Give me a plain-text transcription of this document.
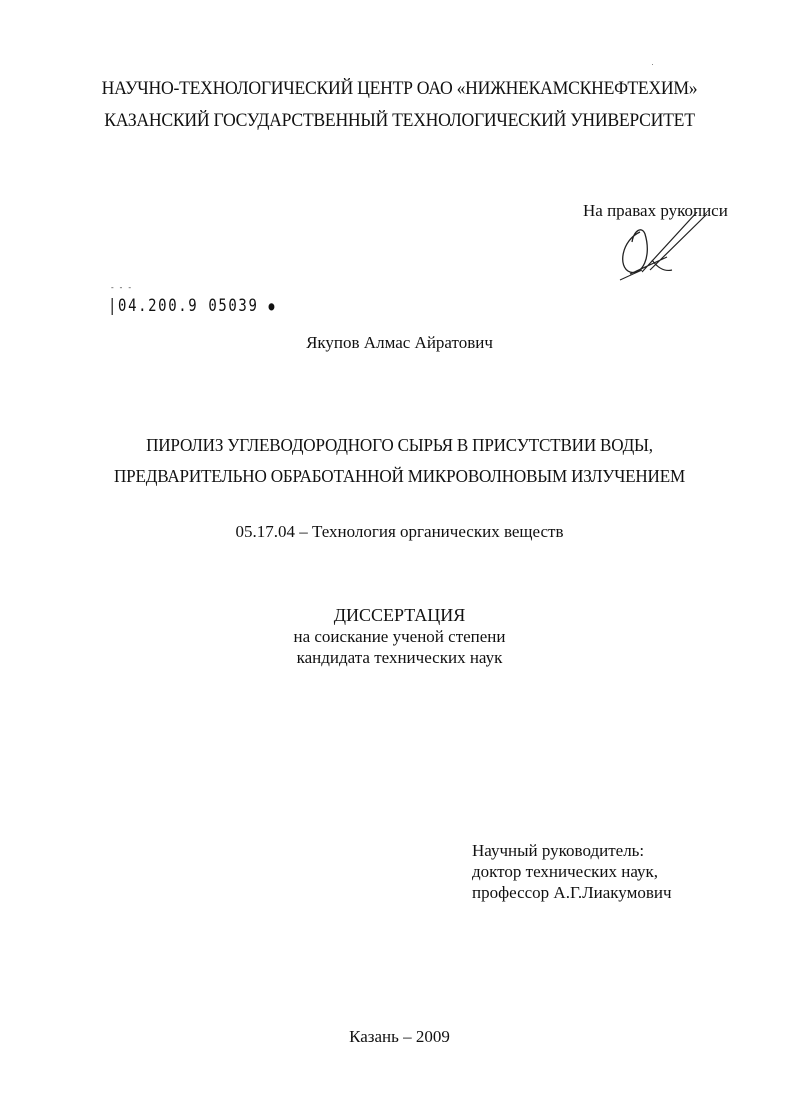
НАУЧНО-ТЕХНОЛОГИЧЕСКИЙ ЦЕНТР ОАО «НИЖНЕКАМСКНЕФТЕХИМ»
КАЗАНСКИЙ ГОСУДАРСТВЕННЫЙ ТЕХНОЛОГИЧЕСКИЙ УНИВЕРСИТЕТ
На правах рукописи
- - -
|04.200.9 05039 ●
Якупов Алмас Айратович
ПИРОЛИЗ УГЛЕВОДОРОДНОГО СЫРЬЯ В ПРИСУТСТВИИ ВОДЫ,
ПРЕДВАРИТЕЛЬНО ОБРАБОТАННОЙ МИКРОВОЛНОВЫМ ИЗЛУЧЕНИЕМ
05.17.04 – Технология органических веществ
ДИССЕРТАЦИЯ
на соискание ученой степени
кандидата технических наук
Научный руководитель:
доктор технических наук,
профессор А.Г.Лиакумович
Казань – 2009
